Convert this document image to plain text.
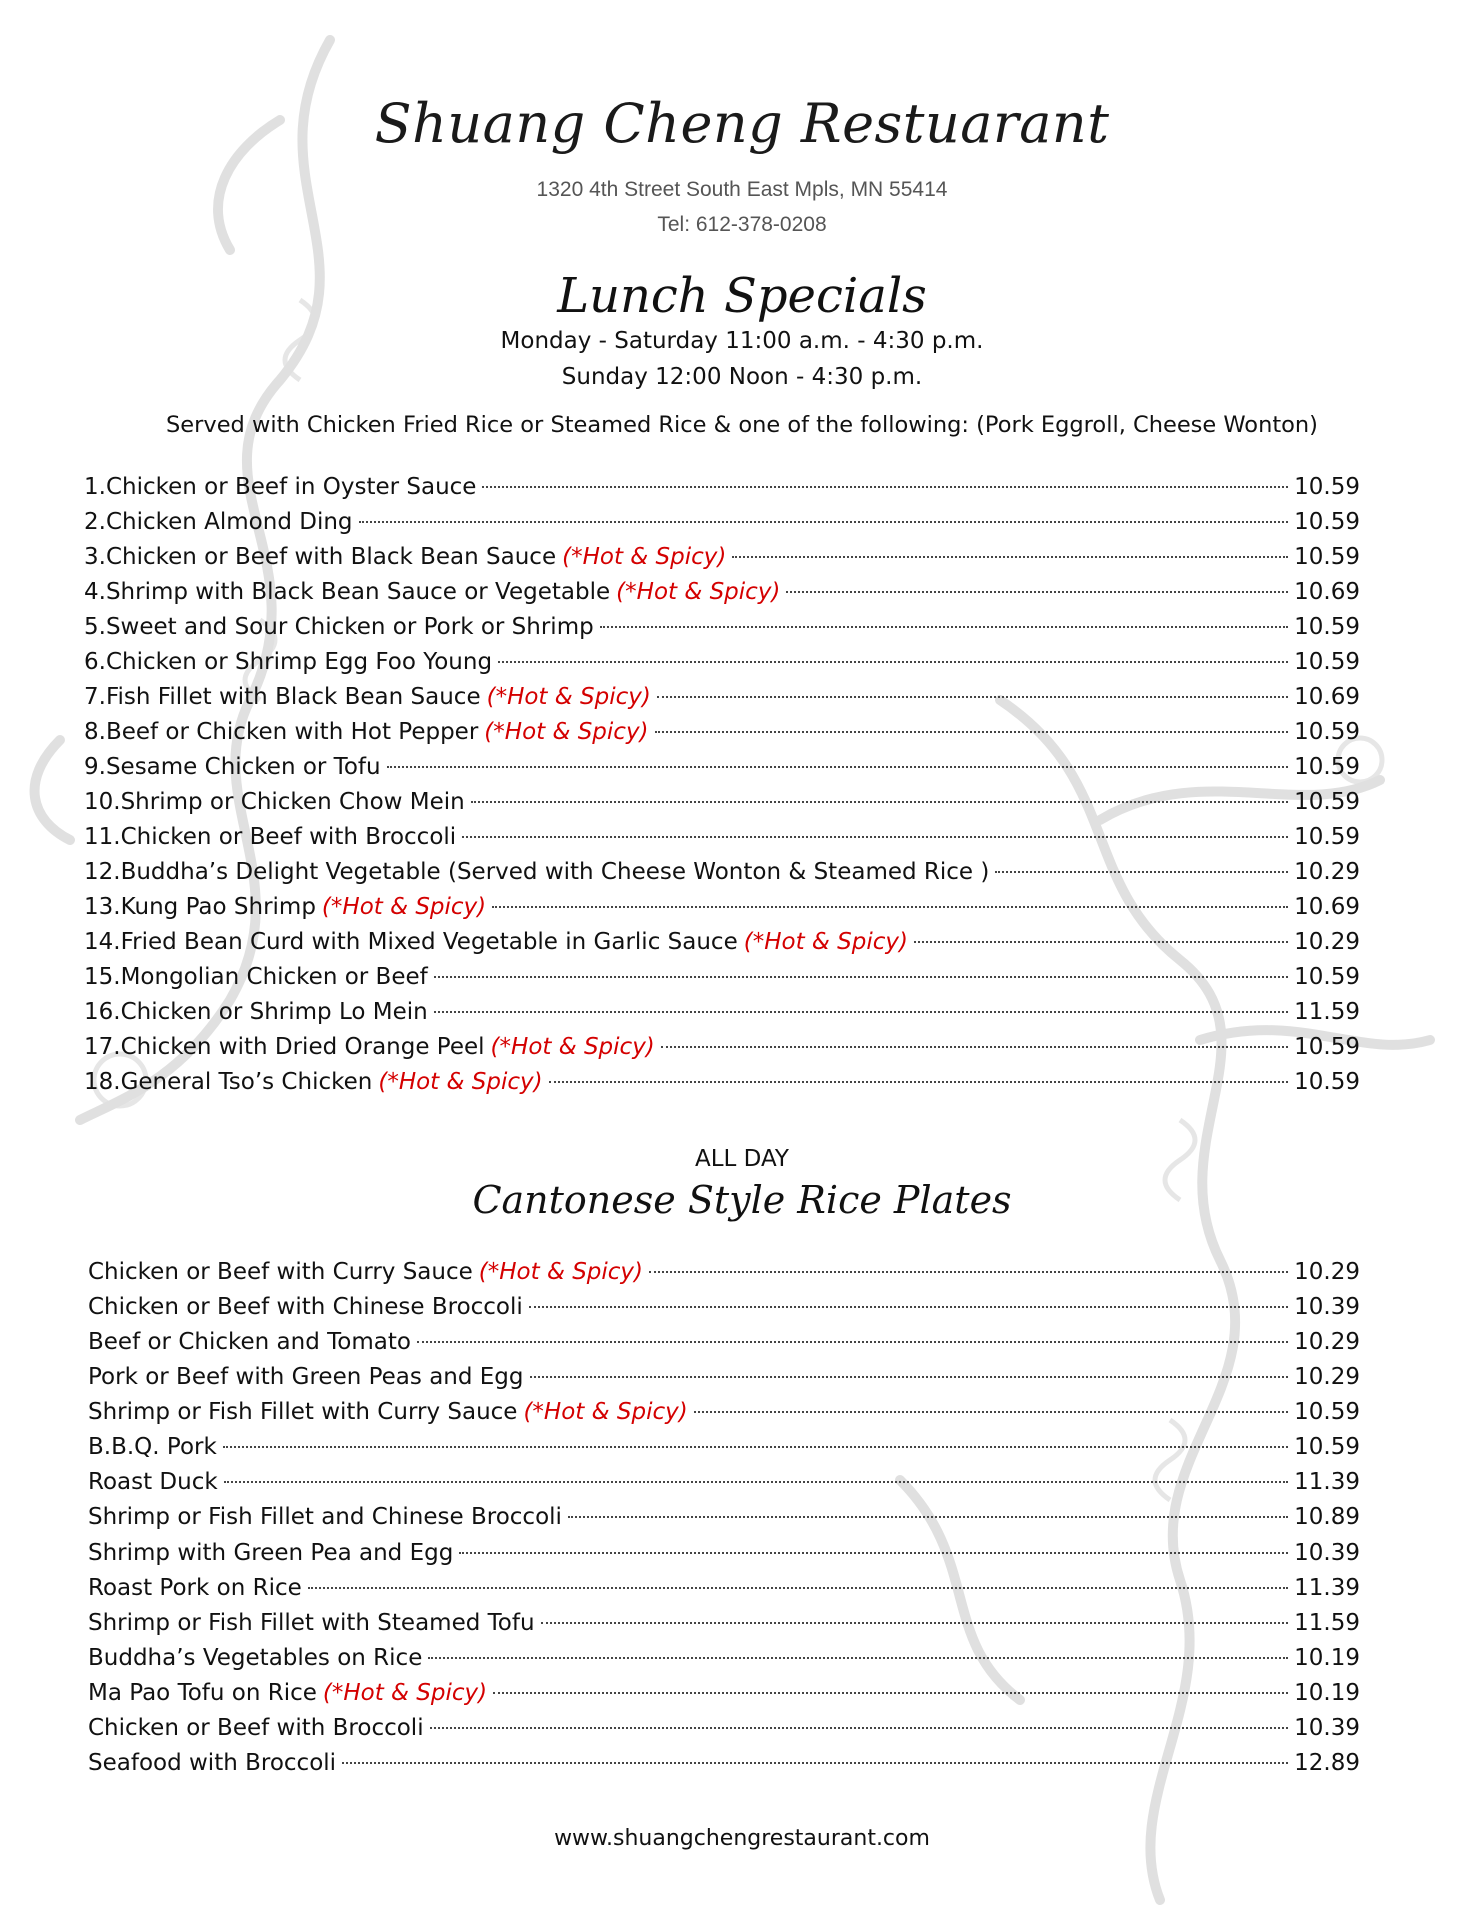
Shuang Cheng Restuarant
1320 4th Street South East Mpls, MN 55414
Tel: 612-378-0208
Lunch Specials
Monday - Saturday 11:00 a.m. - 4:30 p.m.
Sunday 12:00 Noon - 4:30 p.m.
Served with Chicken Fried Rice or Steamed Rice & one of the following: (Pork Eggroll, Cheese Wonton)
1.Chicken or Beef in Oyster Sauce	10.59
2.Chicken Almond Ding	10.59
3.Chicken or Beef with Black Bean Sauce (*Hot & Spicy)	10.59
4.Shrimp with Black Bean Sauce or Vegetable (*Hot & Spicy)	10.69
5.Sweet and Sour Chicken or Pork or Shrimp	10.59
6.Chicken or Shrimp Egg Foo Young	10.59
7.Fish Fillet with Black Bean Sauce (*Hot & Spicy)	10.69
8.Beef or Chicken with Hot Pepper (*Hot & Spicy)	10.59
9.Sesame Chicken or Tofu	10.59
10.Shrimp or Chicken Chow Mein	10.59
11.Chicken or Beef with Broccoli	10.59
12.Buddha’s Delight Vegetable (Served with Cheese Wonton & Steamed Rice )	10.29
13.Kung Pao Shrimp (*Hot & Spicy)	10.69
14.Fried Bean Curd with Mixed Vegetable in Garlic Sauce (*Hot & Spicy)	10.29
15.Mongolian Chicken or Beef	10.59
16.Chicken or Shrimp Lo Mein	11.59
17.Chicken with Dried Orange Peel (*Hot & Spicy)	10.59
18.General Tso’s Chicken (*Hot & Spicy)	10.59
ALL DAY
Cantonese Style Rice Plates
Chicken or Beef with Curry Sauce (*Hot & Spicy)	10.29
Chicken or Beef with Chinese Broccoli	10.39
Beef or Chicken and Tomato	10.29
Pork or Beef with Green Peas and Egg	10.29
Shrimp or Fish Fillet with Curry Sauce (*Hot & Spicy)	10.59
B.B.Q. Pork	10.59
Roast Duck	11.39
Shrimp or Fish Fillet and Chinese Broccoli	10.89
Shrimp with Green Pea and Egg	10.39
Roast Pork on Rice	11.39
Shrimp or Fish Fillet with Steamed Tofu	11.59
Buddha’s Vegetables on Rice	10.19
Ma Pao Tofu on Rice (*Hot & Spicy)	10.19
Chicken or Beef with Broccoli	10.39
Seafood with Broccoli	12.89
www.shuangchengrestaurant.com
